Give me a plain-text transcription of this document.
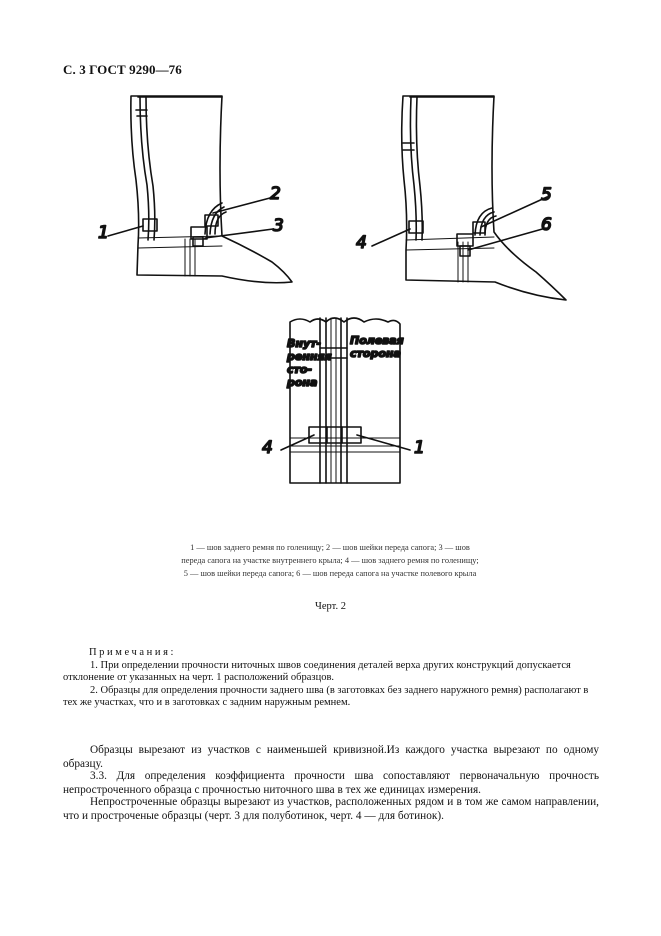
С. 3 ГОСТ 9290—76
1
2
3
4
5
6
4	1
Внут-
ренняя
сто-
рона
Полевая
сторона
1 — шов заднего ремня по голенищу; 2 — шов шейки переда сапога; 3 — шов
переда сапога на участке внутреннего крыла; 4 — шов заднего ремня по голенищу;
5 — шов шейки переда сапога; 6 — шов переда сапога на участке полевого крыла
Черт. 2
Примечания:
1. При определении прочности ниточных швов соединения деталей верха других конструкций допускается отклонение от указанных на черт. 1 расположений образцов.
2. Образцы для определения прочности заднего шва (в заготовках без заднего наружного ремня) располагают в тех же участках, что и в заготовках с задним наружным ремнем.
Образцы вырезают из участков с наименьшей кривизной.Из каждого участка вырезают по одному образцу.
3.3. Для определения коэффициента прочности шва сопоставляют первоначальную прочность непростроченного образца с прочностью ниточного шва в тех же единицах измерения.
Непростроченные образцы вырезают из участков, расположенных рядом и в том же самом направлении, что и простроченые образцы (черт. 3 для полуботинок, черт. 4 — для ботинок).
